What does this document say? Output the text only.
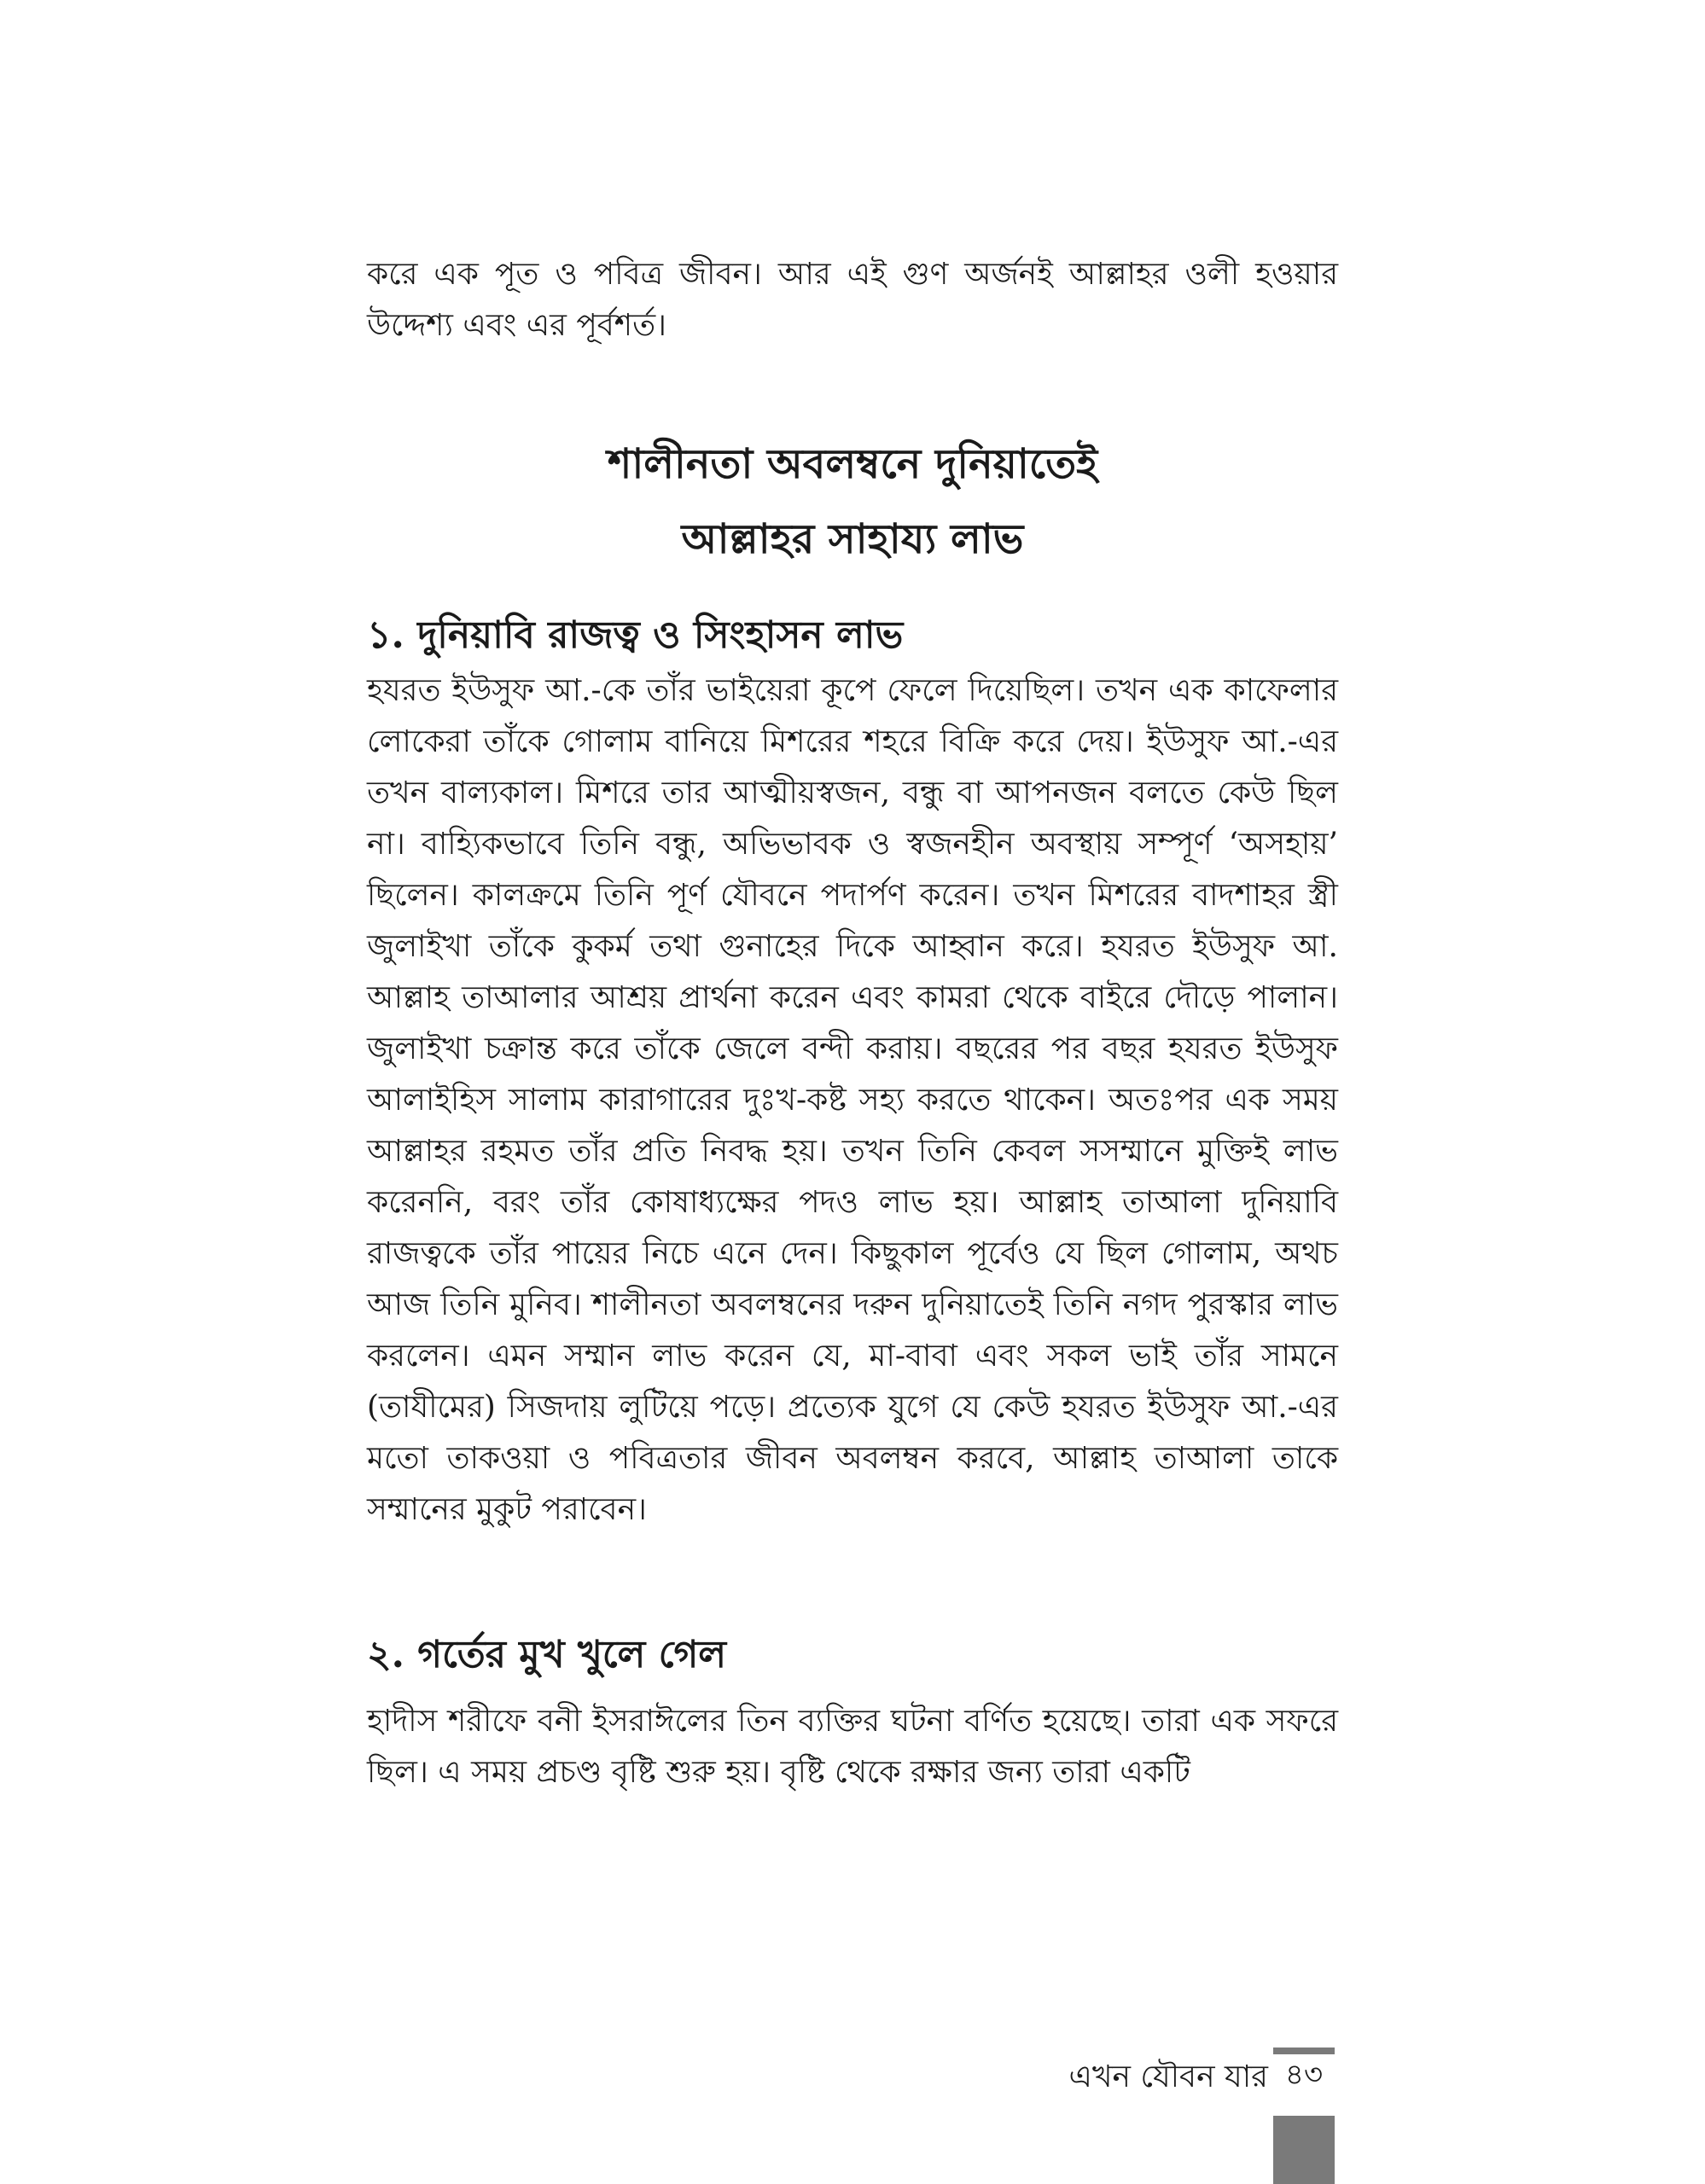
করে এক পূত ও পবিত্র জীবন। আর এই গুণ অর্জনই আল্লাহর ওলী হওয়ার উদ্দেশ্য এবং এর পূর্বশর্ত।

শালীনতা অবলম্বনে দুনিয়াতেই
আল্লাহর সাহায্য লাভ
১. দুনিয়াবি রাজত্ব ও সিংহাসন লাভ

হযরত ইউসুফ আ.-কে তাঁর ভাইয়েরা কূপে ফেলে দিয়েছিল। তখন এক কাফেলার লোকেরা তাঁকে গোলাম বানিয়ে মিশরের শহরে বিক্রি করে দেয়। ইউসুফ আ.-এর তখন বাল্যকাল। মিশরে তার আত্মীয়স্বজন, বন্ধু বা আপনজন বলতে কেউ ছিল না। বাহ্যিকভাবে তিনি বন্ধু, অভিভাবক ও স্বজনহীন অবস্থায় সম্পূর্ণ ‘অসহায়’ ছিলেন। কালক্রমে তিনি পূর্ণ যৌবনে পদার্পণ করেন। তখন মিশরের বাদশাহর স্ত্রী জুলাইখা তাঁকে কুকর্ম তথা গুনাহের দিকে আহ্বান করে। হযরত ইউসুফ আ. আল্লাহ তাআলার আশ্রয় প্রার্থনা করেন এবং কামরা থেকে বাইরে দৌড়ে পালান। জুলাইখা চক্রান্ত করে তাঁকে জেলে বন্দী করায়। বছরের পর বছর হযরত ইউসুফ আলাইহিস সালাম কারাগারের দুঃখ-কষ্ট সহ্য করতে থাকেন। অতঃপর এক সময় আল্লাহর রহমত তাঁর প্রতি নিবদ্ধ হয়। তখন তিনি কেবল সসম্মানে মুক্তিই লাভ করেননি, বরং তাঁর কোষাধ্যক্ষের পদও লাভ হয়। আল্লাহ তাআলা দুনিয়াবি রাজত্বকে তাঁর পায়ের নিচে এনে দেন। কিছুকাল পূর্বেও যে ছিল গোলাম, অথচ আজ তিনি মুনিব। শালীনতা অবলম্বনের দরুন দুনিয়াতেই তিনি নগদ পুরস্কার লাভ করলেন। এমন সম্মান লাভ করেন যে, মা-বাবা এবং সকল ভাই তাঁর সামনে (তাযীমের) সিজদায় লুটিয়ে পড়ে। প্রত্যেক যুগে যে কেউ হযরত ইউসুফ আ.-এর মতো তাকওয়া ও পবিত্রতার জীবন অবলম্বন করবে, আল্লাহ তাআলা তাকে সম্মানের মুকুট পরাবেন।

২. গর্তের মুখ খুলে গেল

হাদীস শরীফে বনী ইসরাঈলের তিন ব্যক্তির ঘটনা বর্ণিত হয়েছে। তারা এক সফরে ছিল। এ সময় প্রচণ্ড বৃষ্টি শুরু হয়। বৃষ্টি থেকে রক্ষার জন্য তারা একটি

এখন যৌবন যার ৪৩
